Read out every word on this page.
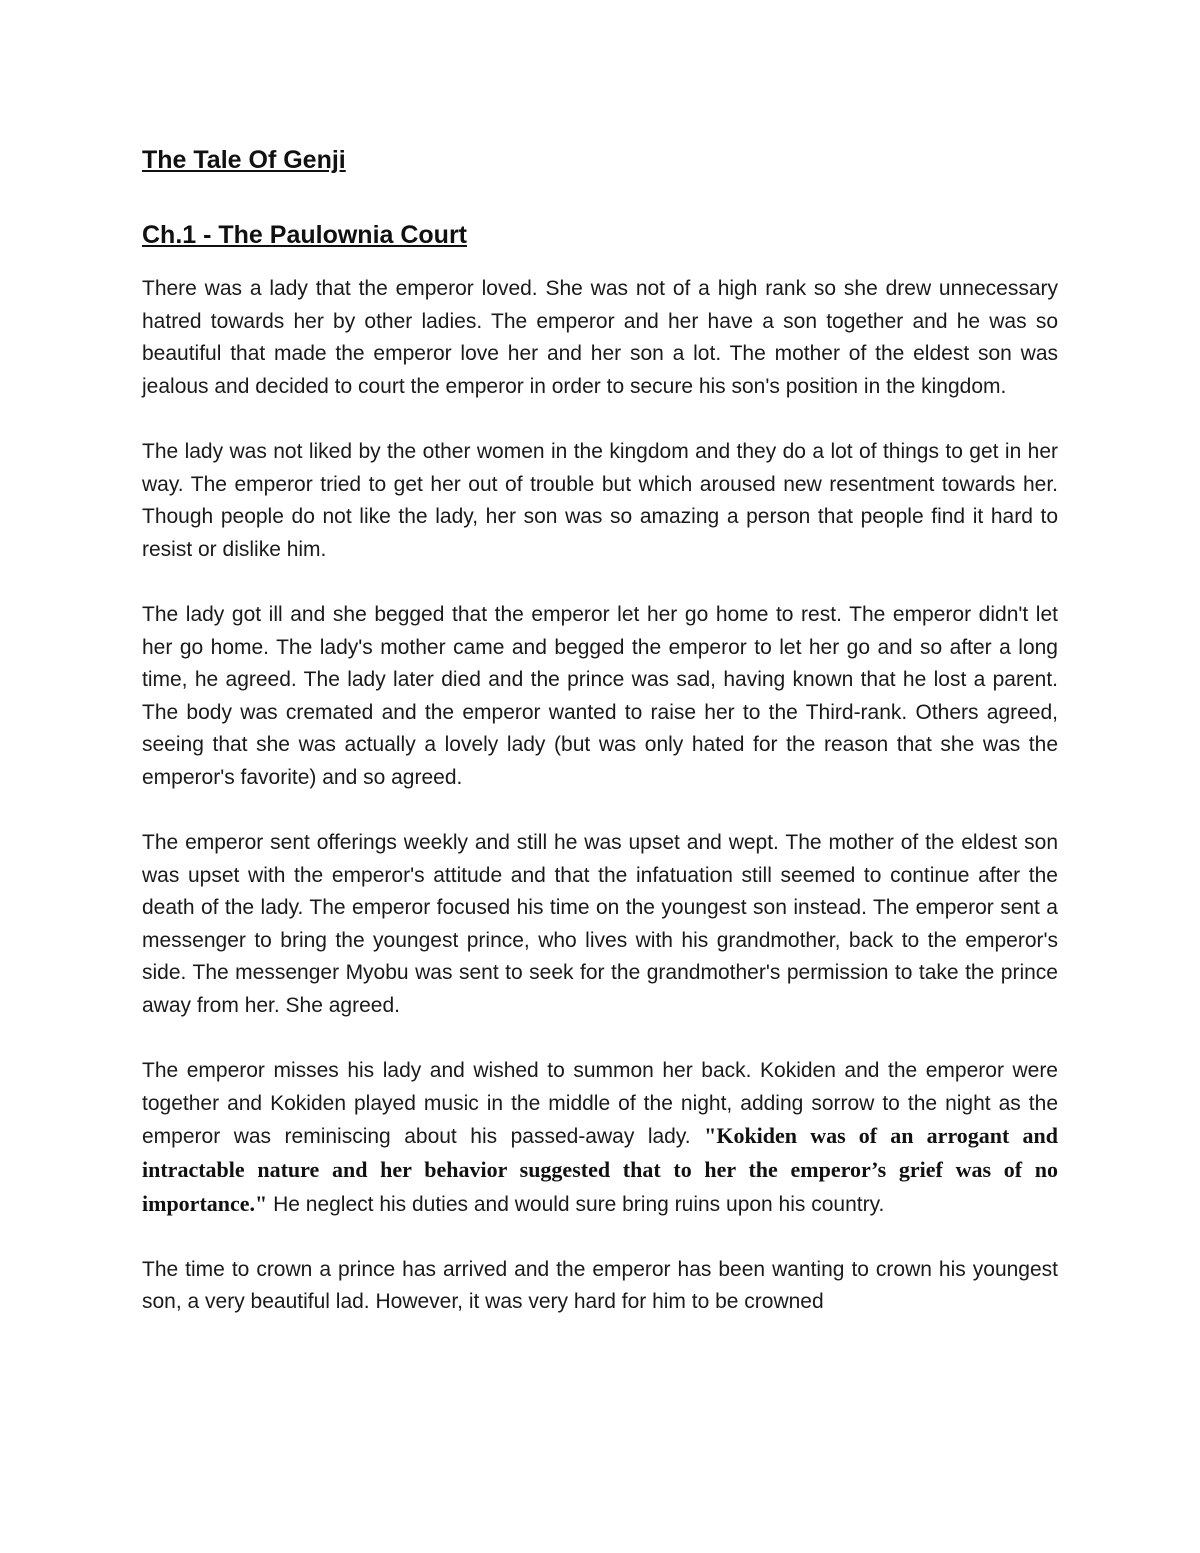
The Tale Of Genji
Ch.1 - The Paulownia Court

There was a lady that the emperor loved. She was not of a high rank so she drew unnecessary hatred towards her by other ladies. The emperor and her have a son together and he was so beautiful that made the emperor love her and her son a lot. The mother of the eldest son was jealous and decided to court the emperor in order to secure his son's position in the kingdom.

The lady was not liked by the other women in the kingdom and they do a lot of things to get in her way. The emperor tried to get her out of trouble but which aroused new resentment towards her. Though people do not like the lady, her son was so amazing a person that people find it hard to resist or dislike him.

The lady got ill and she begged that the emperor let her go home to rest. The emperor didn't let her go home. The lady's mother came and begged the emperor to let her go and so after a long time, he agreed. The lady later died and the prince was sad, having known that he lost a parent. The body was cremated and the emperor wanted to raise her to the Third-rank. Others agreed, seeing that she was actually a lovely lady (but was only hated for the reason that she was the emperor's favorite) and so agreed.

The emperor sent offerings weekly and still he was upset and wept. The mother of the eldest son was upset with the emperor's attitude and that the infatuation still seemed to continue after the death of the lady. The emperor focused his time on the youngest son instead. The emperor sent a messenger to bring the youngest prince, who lives with his grandmother, back to the emperor's side. The messenger Myobu was sent to seek for the grandmother's permission to take the prince away from her. She agreed.

The emperor misses his lady and wished to summon her back. Kokiden and the emperor were together and Kokiden played music in the middle of the night, adding sorrow to the night as the emperor was reminiscing about his passed-away lady. "Kokiden was of an arrogant and intractable nature and her behavior suggested that to her the emperor’s grief was of no importance." He neglect his duties and would sure bring ruins upon his country.

The time to crown a prince has arrived and the emperor has been wanting to crown his youngest son, a very beautiful lad. However, it was very hard for him to be crowned
